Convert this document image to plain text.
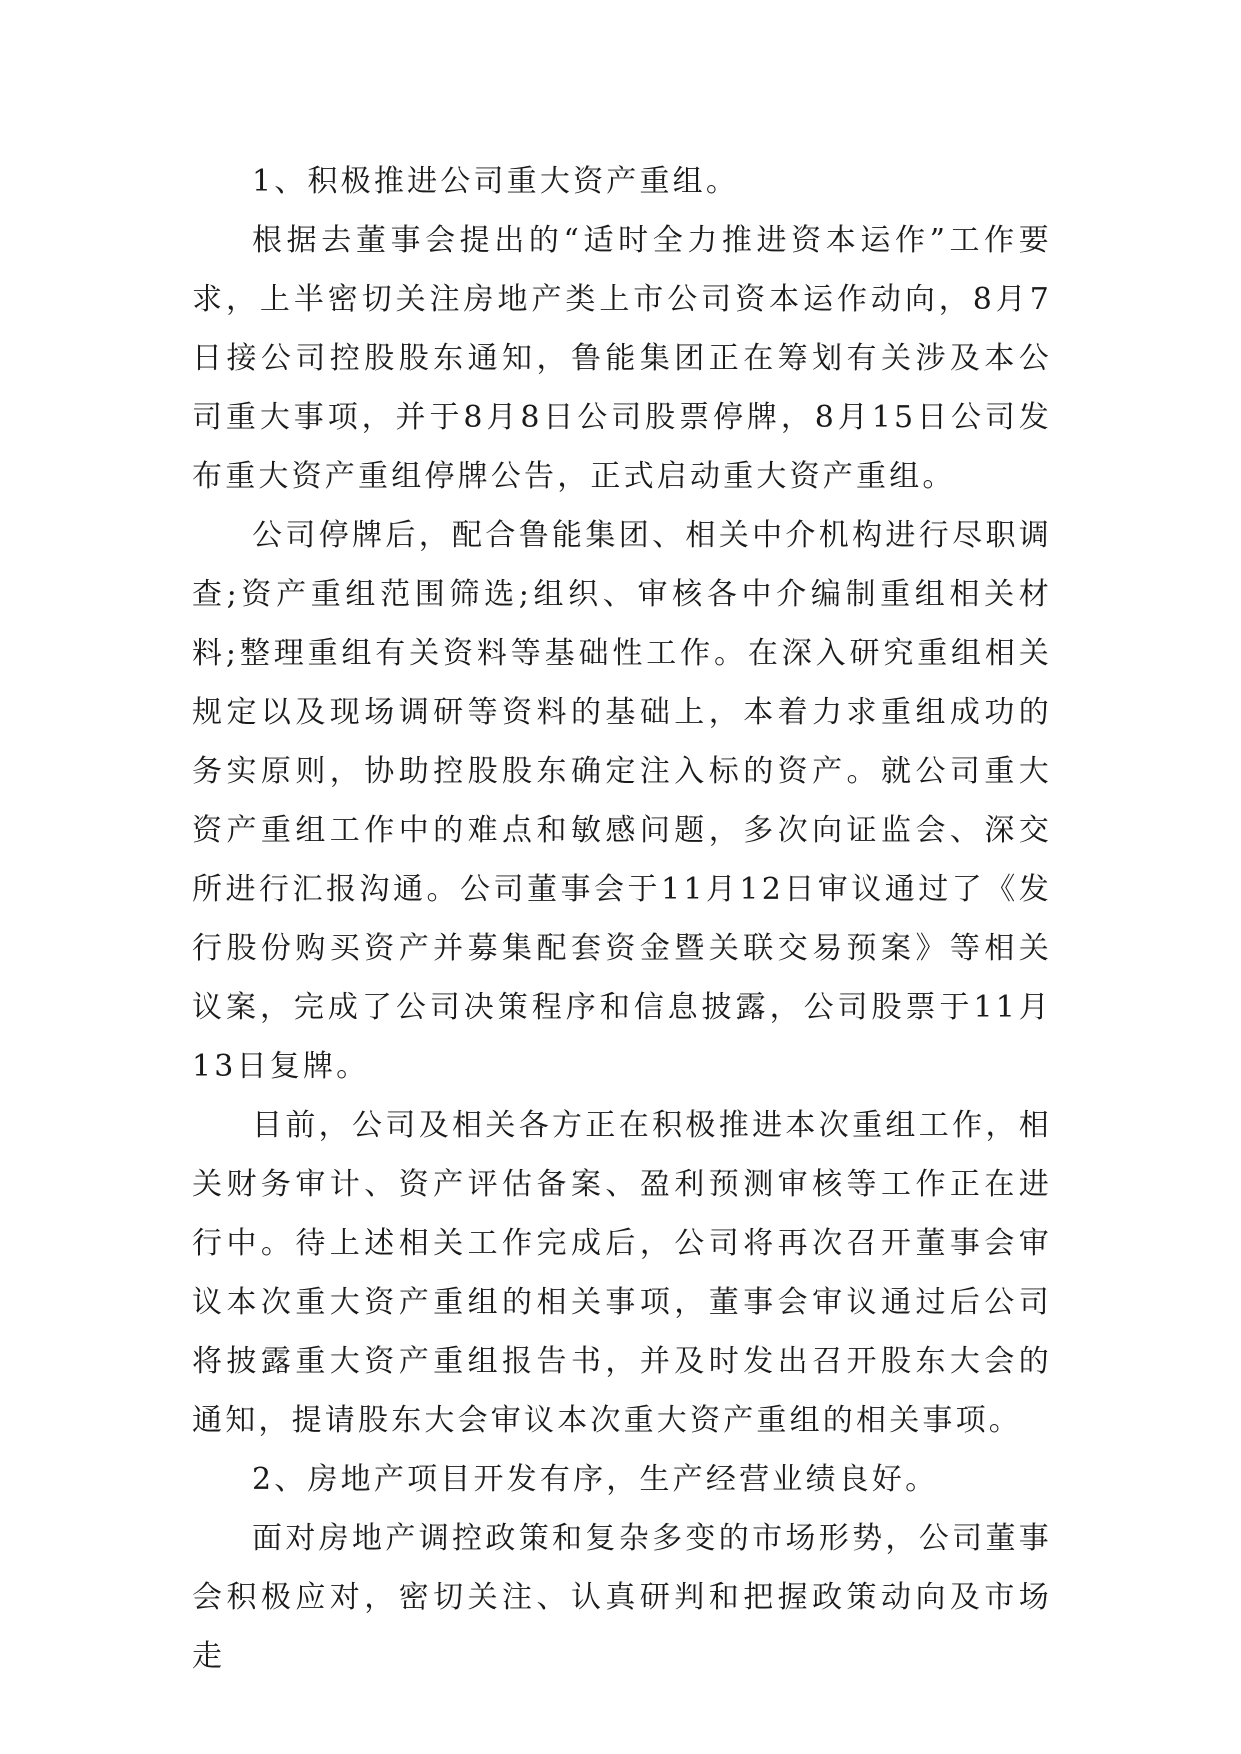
1、积极推进公司重大资产重组。

根据去董事会提出的“适时全力推进资本运作”工作要求，上半密切关注房地产类上市公司资本运作动向，8月7日接公司控股股东通知，鲁能集团正在筹划有关涉及本公司重大事项，并于8月8日公司股票停牌，8月15日公司发布重大资产重组停牌公告，正式启动重大资产重组。

公司停牌后，配合鲁能集团、相关中介机构进行尽职调查;资产重组范围筛选;组织、审核各中介编制重组相关材料;整理重组有关资料等基础性工作。在深入研究重组相关规定以及现场调研等资料的基础上，本着力求重组成功的务实原则，协助控股股东确定注入标的资产。就公司重大资产重组工作中的难点和敏感问题，多次向证监会、深交所进行汇报沟通。公司董事会于11月12日审议通过了《发行股份购买资产并募集配套资金暨关联交易预案》等相关议案，完成了公司决策程序和信息披露，公司股票于11月13日复牌。

目前，公司及相关各方正在积极推进本次重组工作，相关财务审计、资产评估备案、盈利预测审核等工作正在进行中。待上述相关工作完成后，公司将再次召开董事会审议本次重大资产重组的相关事项，董事会审议通过后公司将披露重大资产重组报告书，并及时发出召开股东大会的通知，提请股东大会审议本次重大资产重组的相关事项。

2、房地产项目开发有序，生产经营业绩良好。

面对房地产调控政策和复杂多变的市场形势，公司董事会积极应对，密切关注、认真研判和把握政策动向及市场走
